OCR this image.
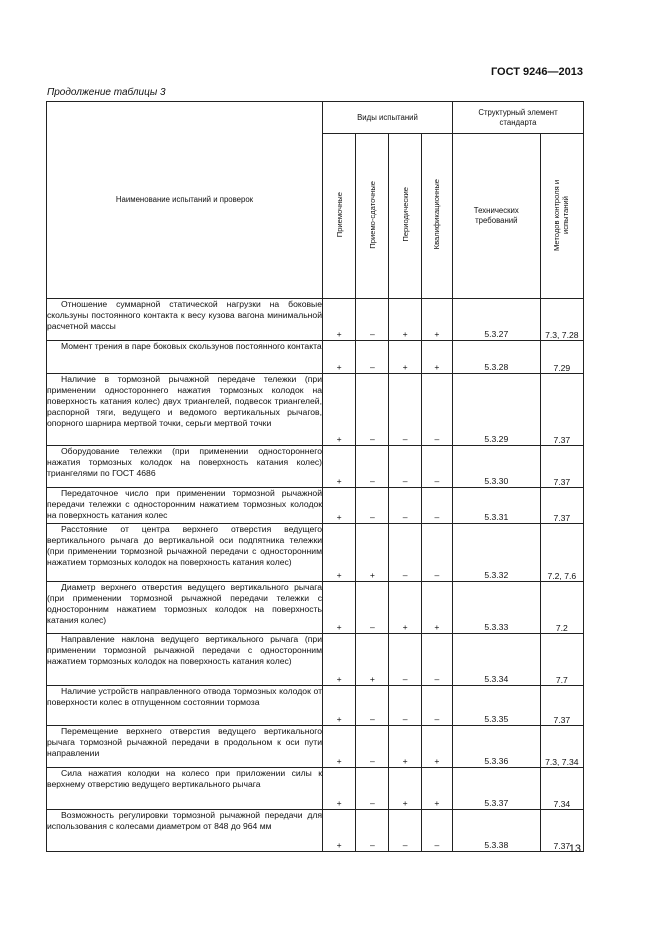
ГОСТ 9246—2013
Продолжение таблицы 3
Наименование испытаний и проверок	Виды испытаний				Структурный элемент стандарта	
	Приемочные	Приемо-сдаточные	Периодические	Квалификационные	Технических требований	Методов контроля и испытаний

Отношение суммарной статической нагрузки на боковые скользуны постоянного контакта к весу кузова вагона минимальной расчетной массы	+	–	+	+	5.3.27	7.3, 7.28

Момент трения в паре боковых скользунов постоянного контакта	+	–	+	+	5.3.28	7.29

Наличие в тормозной рычажной передаче тележки (при применении одностороннего нажатия тормозных колодок на поверхность катания колес) двух триангелей, подвесок триангелей, распорной тяги, ведущего и ведомого вертикальных рычагов, опорного шарнира мертвой точки, серьги мертвой точки	+	–	–	–	5.3.29	7.37

Оборудование тележки (при применении одностороннего нажатия тормозных колодок на поверхность катания колес) триангелями по ГОСТ 4686	+	–	–	–	5.3.30	7.37

Передаточное число при применении тормозной рычажной передачи тележки с односторонним нажатием тормозных колодок на поверхность катания колес	+	–	–	–	5.3.31	7.37

Расстояние от центра верхнего отверстия ведущего вертикального рычага до вертикальной оси подпятника тележки (при применении тормозной рычажной передачи с односторонним нажатием тормозных колодок на поверхность катания колес)	+	+	–	–	5.3.32	7.2, 7.6

Диаметр верхнего отверстия ведущего вертикального рычага (при применении тормозной рычажной передачи тележки с односторонним нажатием тормозных колодок на поверхность катания колес)	+	–	+	+	5.3.33	7.2

Направление наклона ведущего вертикального рычага (при применении тормозной рычажной передачи с односторонним нажатием тормозных колодок на поверхность катания колес)	+	+	–	–	5.3.34	7.7

Наличие устройств направленного отвода тормозных колодок от поверхности колес в отпущенном состоянии тормоза	+	–	–	–	5.3.35	7.37

Перемещение верхнего отверстия ведущего вертикального рычага тормозной рычажной передачи в продольном к оси пути направлении	+	–	+	+	5.3.36	7.3, 7.34

Сила нажатия колодки на колесо при приложении силы к верхнему отверстию ведущего вертикального рычага	+	–	+	+	5.3.37	7.34

Возможность регулировки тормозной рычажной передачи для использования с колесами диаметром от 848 до 964 мм	+	–	–	–	5.3.38	7.37
13
